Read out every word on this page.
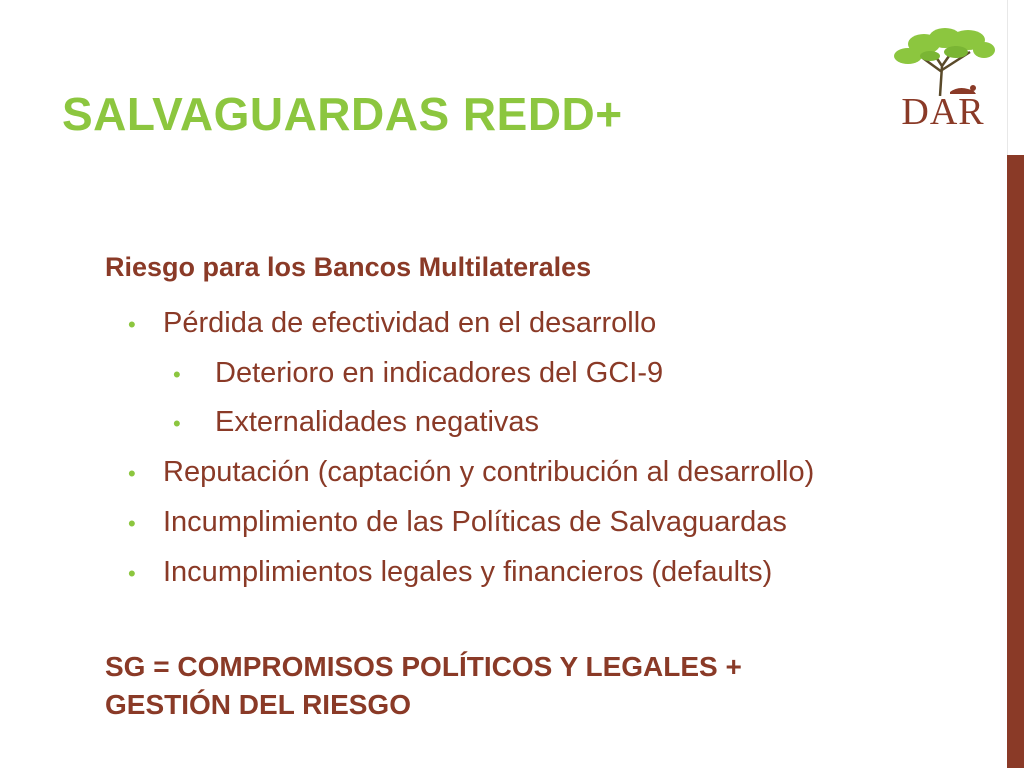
SALVAGUARDAS REDD+	DAR
Riesgo para los Bancos Multilaterales
• Pérdida de efectividad en el desarrollo
• Deterioro en indicadores del GCI-9
• Externalidades negativas
• Reputación (captación y contribución al desarrollo)
• Incumplimiento de las Políticas de Salvaguardas
• Incumplimientos legales y financieros (defaults)
SG = COMPROMISOS POLÍTICOS Y LEGALES +
GESTIÓN DEL RIESGO
